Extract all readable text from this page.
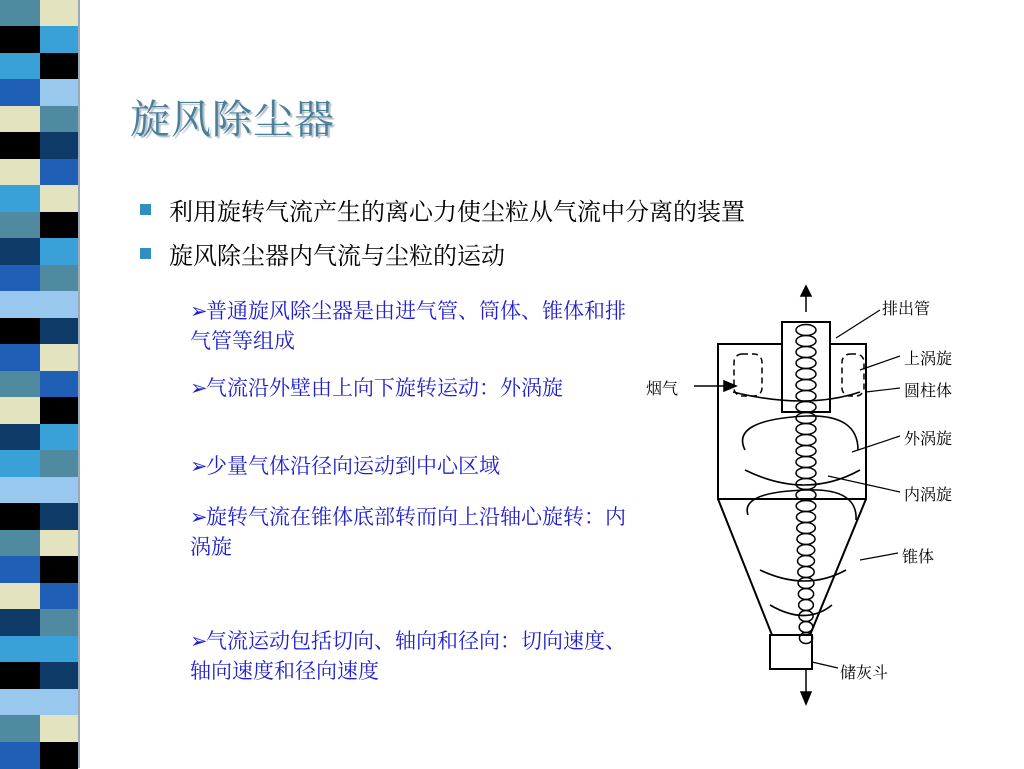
旋风除尘器
利用旋转气流产生的离心力使尘粒从气流中分离的装置
旋风除尘器内气流与尘粒的运动
➢普通旋风除尘器是由进气管、筒体、锥体和排气管等组成
➢气流沿外壁由上向下旋转运动：外涡旋
➢少量气体沿径向运动到中心区域
➢旋转气流在锥体底部转而向上沿轴心旋转：内涡旋
➢气流运动包括切向、轴向和径向：切向速度、轴向速度和径向速度
烟气
排出管
上涡旋
圆柱体
外涡旋
内涡旋
锥体
储灰斗
